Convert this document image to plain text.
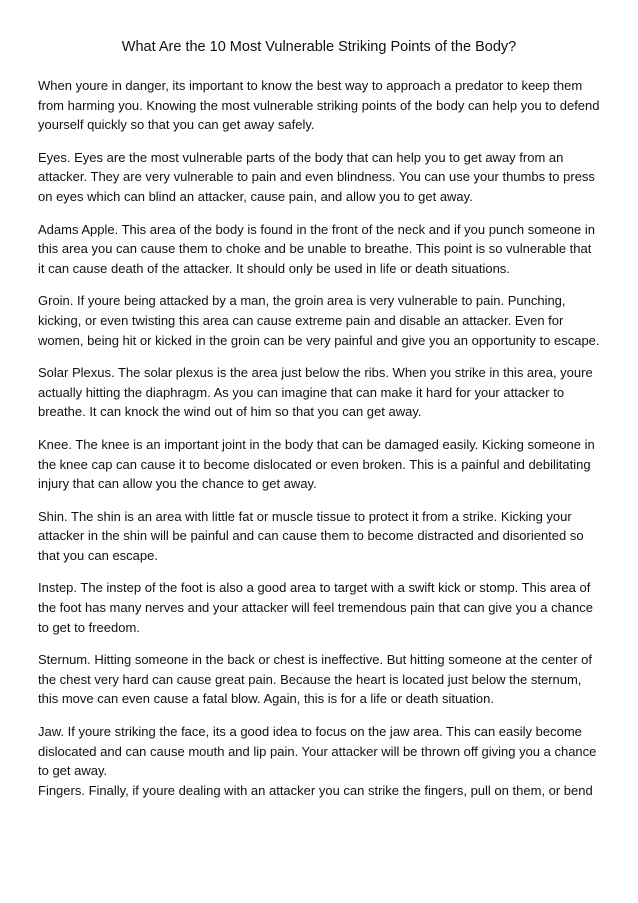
What Are the 10 Most Vulnerable Striking Points of the Body?

When youre in danger, its important to know the best way to approach a predator to keep them
from harming you. Knowing the most vulnerable striking points of the body can help you to defend
yourself quickly so that you can get away safely.

Eyes. Eyes are the most vulnerable parts of the body that can help you to get away from an
attacker. They are very vulnerable to pain and even blindness. You can use your thumbs to press
on eyes which can blind an attacker, cause pain, and allow you to get away.

Adams Apple. This area of the body is found in the front of the neck and if you punch someone in
this area you can cause them to choke and be unable to breathe. This point is so vulnerable that
it can cause death of the attacker. It should only be used in life or death situations.

Groin. If youre being attacked by a man, the groin area is very vulnerable to pain. Punching,
kicking, or even twisting this area can cause extreme pain and disable an attacker. Even for
women, being hit or kicked in the groin can be very painful and give you an opportunity to escape.

Solar Plexus. The solar plexus is the area just below the ribs. When you strike in this area, youre
actually hitting the diaphragm. As you can imagine that can make it hard for your attacker to
breathe. It can knock the wind out of him so that you can get away.

Knee. The knee is an important joint in the body that can be damaged easily. Kicking someone in
the knee cap can cause it to become dislocated or even broken. This is a painful and debilitating
injury that can allow you the chance to get away.

Shin. The shin is an area with little fat or muscle tissue to protect it from a strike. Kicking your
attacker in the shin will be painful and can cause them to become distracted and disoriented so
that you can escape.

Instep. The instep of the foot is also a good area to target with a swift kick or stomp. This area of
the foot has many nerves and your attacker will feel tremendous pain that can give you a chance
to get to freedom.

Sternum. Hitting someone in the back or chest is ineffective. But hitting someone at the center of
the chest very hard can cause great pain. Because the heart is located just below the sternum,
this move can even cause a fatal blow. Again, this is for a life or death situation.

Jaw. If youre striking the face, its a good idea to focus on the jaw area. This can easily become
dislocated and can cause mouth and lip pain. Your attacker will be thrown off giving you a chance
to get away.

Fingers. Finally, if youre dealing with an attacker you can strike the fingers, pull on them, or bend
